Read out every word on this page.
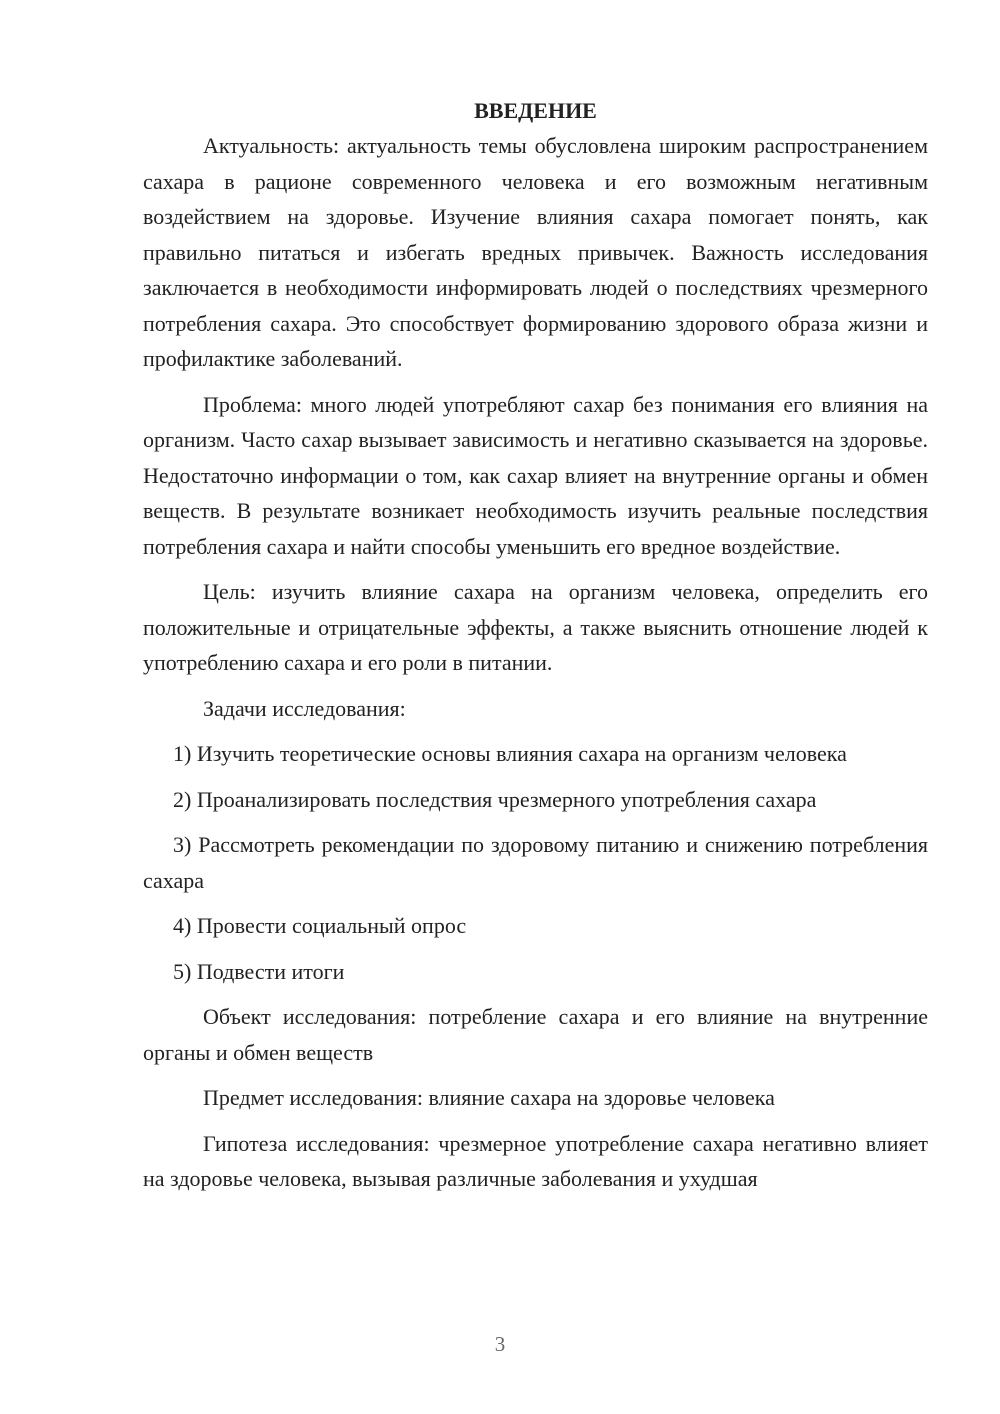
ВВЕДЕНИЕ

Актуальность: актуальность темы обусловлена широким распространением сахара в рационе современного человека и его возможным негативным воздействием на здоровье. Изучение влияния сахара помогает понять, как правильно питаться и избегать вредных привычек. Важность исследования заключается в необходимости информировать людей о последствиях чрезмерного потребления сахара. Это способствует формированию здорового образа жизни и профилактике заболеваний.

Проблема: много людей употребляют сахар без понимания его влияния на организм. Часто сахар вызывает зависимость и негативно сказывается на здоровье. Недостаточно информации о том, как сахар влияет на внутренние органы и обмен веществ. В результате возникает необходимость изучить реальные последствия потребления сахара и найти способы уменьшить его вредное воздействие.

Цель: изучить влияние сахара на организм человека, определить его положительные и отрицательные эффекты, а также выяснить отношение людей к употреблению сахара и его роли в питании.

Задачи исследования:

1) Изучить теоретические основы влияния сахара на организм человека

2) Проанализировать последствия чрезмерного употребления сахара

3) Рассмотреть рекомендации по здоровому питанию и снижению потребления сахара

4) Провести социальный опрос

5) Подвести итоги

Объект исследования: потребление сахара и его влияние на внутренние органы и обмен веществ

Предмет исследования: влияние сахара на здоровье человека

Гипотеза исследования: чрезмерное употребление сахара негативно влияет на здоровье человека, вызывая различные заболевания и ухудшая

3
